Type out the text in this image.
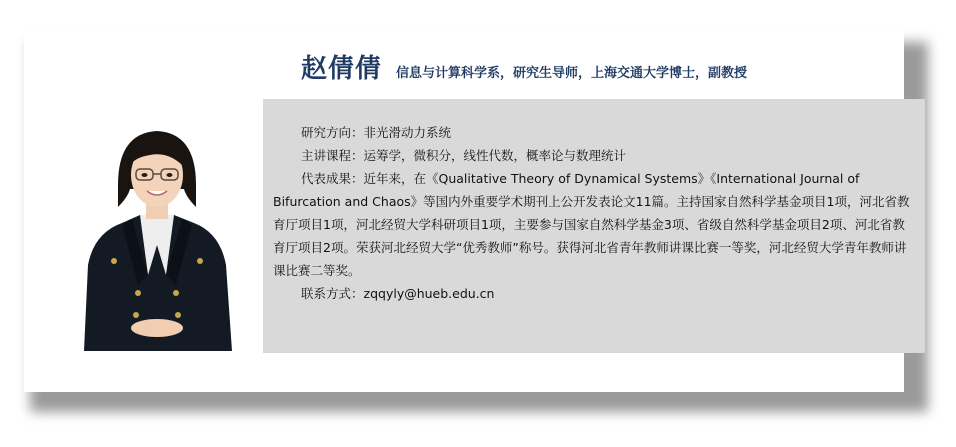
赵倩倩 信息与计算科学系，研究生导师，上海交通大学博士，副教授

研究方向：非光滑动力系统

主讲课程：运筹学，微积分，线性代数，概率论与数理统计

代表成果：近年来，在《Qualitative Theory of Dynamical Systems》《International Journal of Bifurcation and Chaos》等国内外重要学术期刊上公开发表论文11篇。主持国家自然科学基金项目1项，河北省教育厅项目1项，河北经贸大学科研项目1项，主要参与国家自然科学基金3项、省级自然科学基金项目2项、河北省教育厅项目2项。荣获河北经贸大学“优秀教师”称号。获得河北省青年教师讲课比赛一等奖，河北经贸大学青年教师讲课比赛二等奖。

联系方式：zqqyly@hueb.edu.cn
